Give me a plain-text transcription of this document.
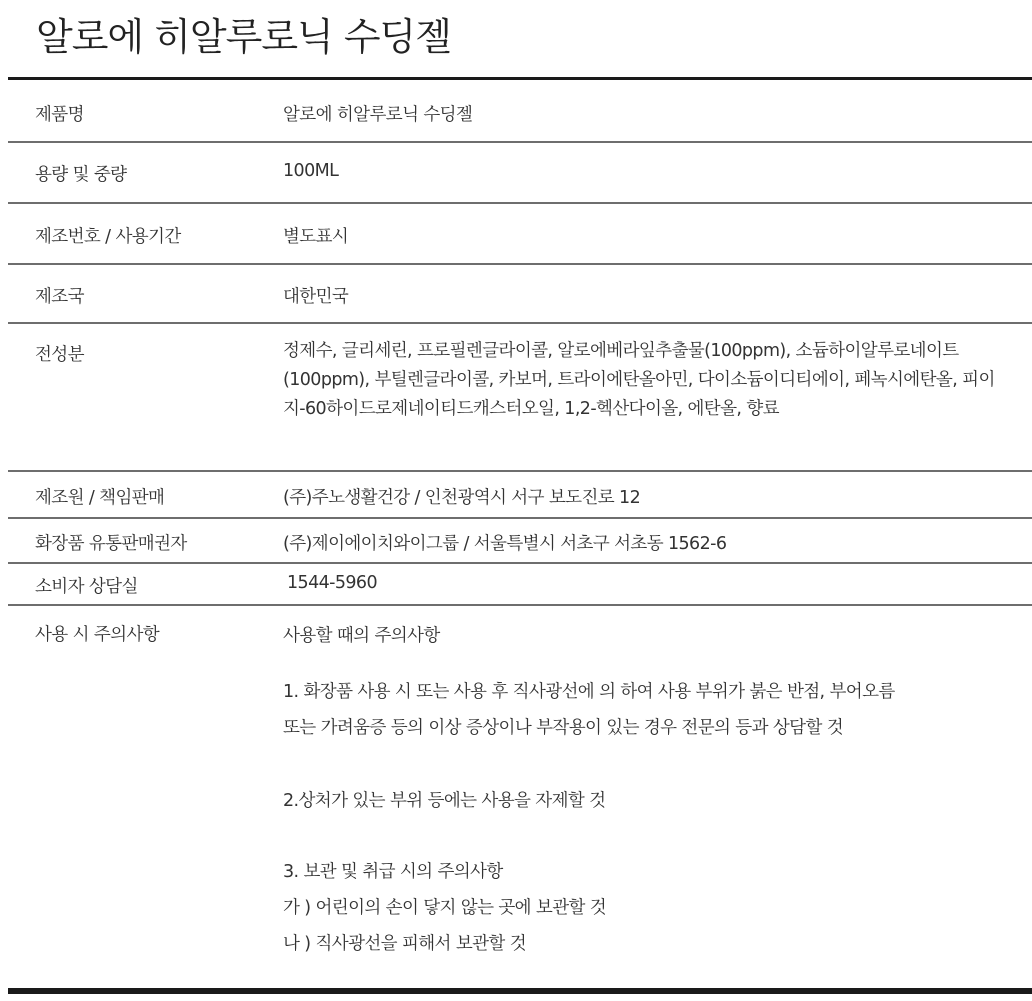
알로에 히알루로닉 수딩젤
제품명	알로에 히알루로닉 수딩젤
용량 및 중량	100ML
제조번호 / 사용기간	별도표시
제조국	대한민국
전성분	정제수, 글리세린, 프로필렌글라이콜, 알로에베라잎추출물(100ppm), 소듐하이알루로네이트(100ppm), 부틸렌글라이콜, 카보머, 트라이에탄올아민, 다이소듐이디티에이, 페녹시에탄올, 피이지-60하이드로제네이티드캐스터오일, 1,2-헥산다이올, 에탄올, 향료
제조원 / 책임판매	(주)주노생활건강 / 인천광역시 서구 보도진로 12
화장품 유통판매권자	(주)제이에이치와이그룹 / 서울특별시 서초구 서초동 1562-6
소비자 상담실	1544-5960
사용 시 주의사항	사용할 때의 주의사항
1. 화장품 사용 시 또는 사용 후 직사광선에 의 하여 사용 부위가 붉은 반점, 부어오름
또는 가려움증 등의 이상 증상이나 부작용이 있는 경우 전문의 등과 상담할 것
2.상처가 있는 부위 등에는 사용을 자제할 것
3. 보관 및 취급 시의 주의사항
가 ) 어린이의 손이 닿지 않는 곳에 보관할 것
나 ) 직사광선을 피해서 보관할 것
